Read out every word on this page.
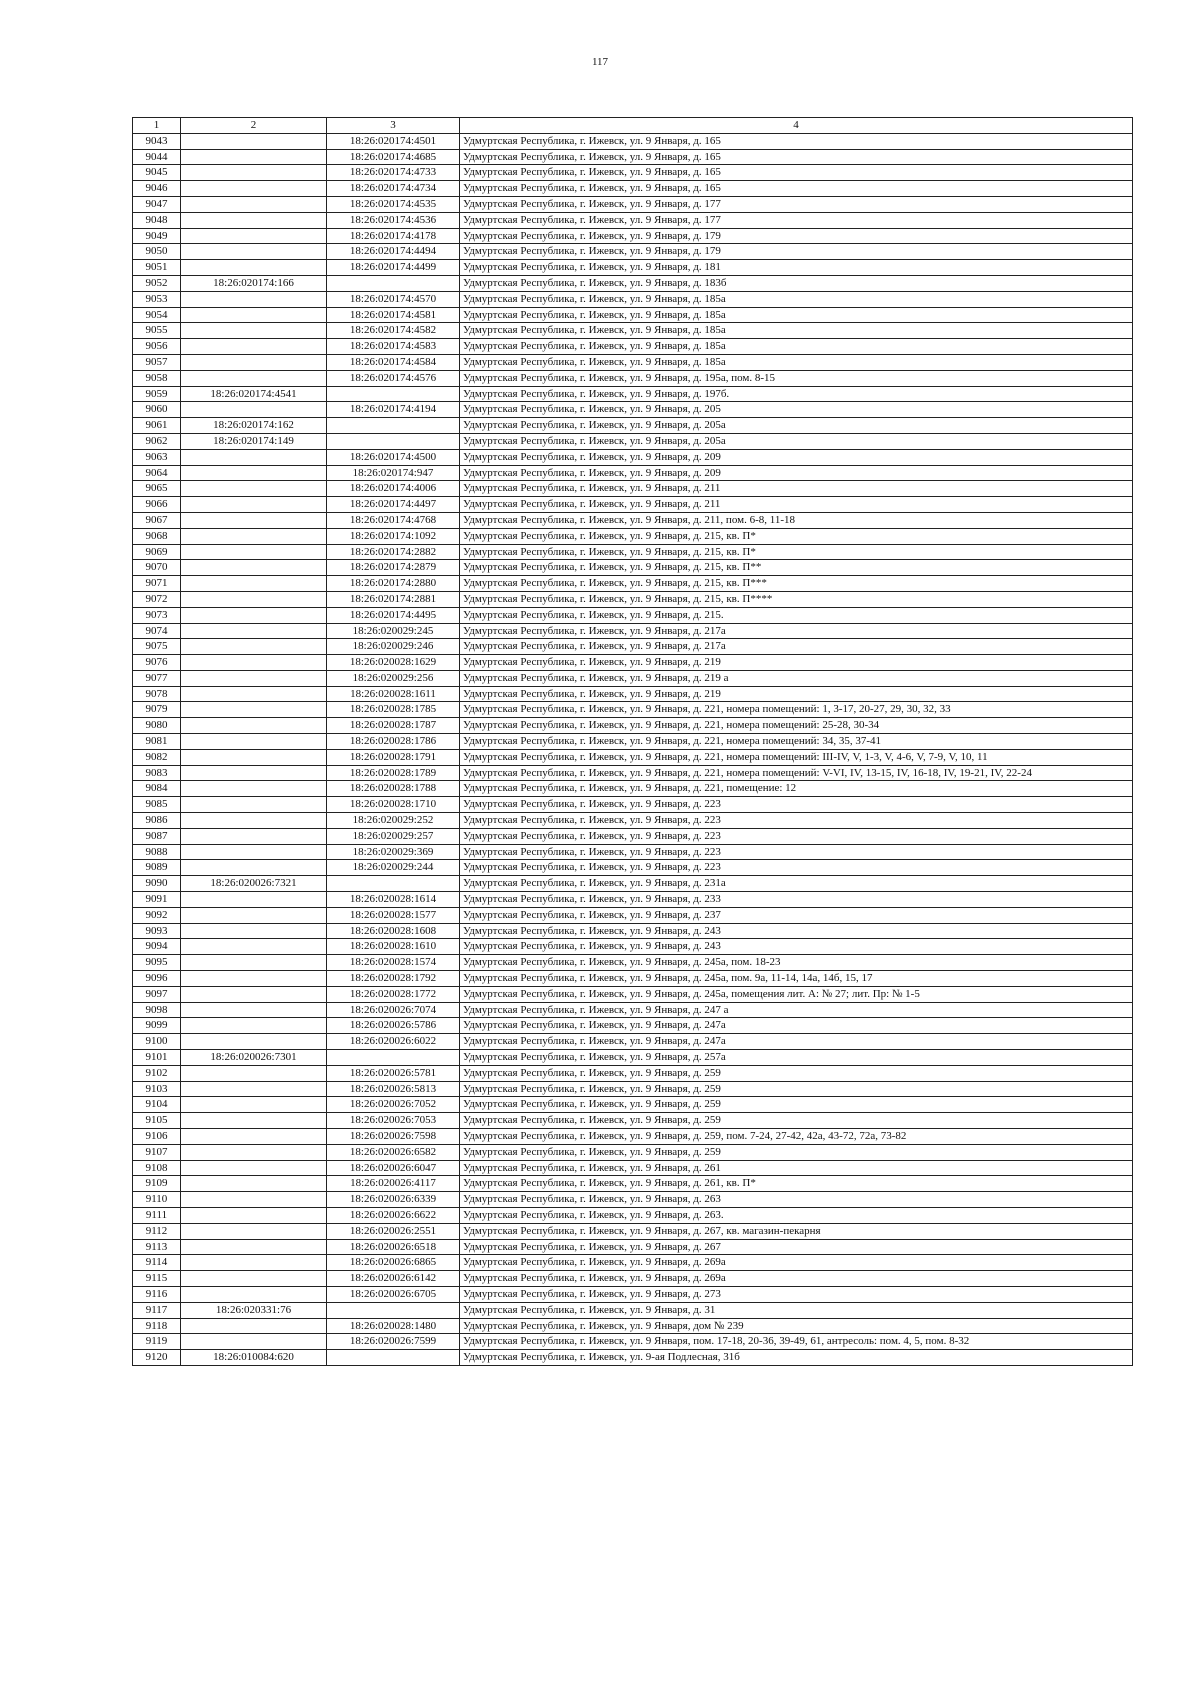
117
1	2	3	4
9043		18:26:020174:4501	Удмуртская Республика, г. Ижевск, ул. 9 Января, д. 165
9044		18:26:020174:4685	Удмуртская Республика, г. Ижевск, ул. 9 Января, д. 165
9045		18:26:020174:4733	Удмуртская Республика, г. Ижевск, ул. 9 Января, д. 165
9046		18:26:020174:4734	Удмуртская Республика, г. Ижевск, ул. 9 Января, д. 165
9047		18:26:020174:4535	Удмуртская Республика, г. Ижевск, ул. 9 Января, д. 177
9048		18:26:020174:4536	Удмуртская Республика, г. Ижевск, ул. 9 Января, д. 177
9049		18:26:020174:4178	Удмуртская Республика, г. Ижевск, ул. 9 Января, д. 179
9050		18:26:020174:4494	Удмуртская Республика, г. Ижевск, ул. 9 Января, д. 179
9051		18:26:020174:4499	Удмуртская Республика, г. Ижевск, ул. 9 Января, д. 181
9052	18:26:020174:166		Удмуртская Республика, г. Ижевск, ул. 9 Января, д. 183б
9053		18:26:020174:4570	Удмуртская Республика, г. Ижевск, ул. 9 Января, д. 185а
9054		18:26:020174:4581	Удмуртская Республика, г. Ижевск, ул. 9 Января, д. 185а
9055		18:26:020174:4582	Удмуртская Республика, г. Ижевск, ул. 9 Января, д. 185а
9056		18:26:020174:4583	Удмуртская Республика, г. Ижевск, ул. 9 Января, д. 185а
9057		18:26:020174:4584	Удмуртская Республика, г. Ижевск, ул. 9 Января, д. 185а
9058		18:26:020174:4576	Удмуртская Республика, г. Ижевск, ул. 9 Января, д. 195а, пом. 8-15
9059	18:26:020174:4541		Удмуртская Республика, г. Ижевск, ул. 9 Января, д. 197б.
9060		18:26:020174:4194	Удмуртская Республика, г. Ижевск, ул. 9 Января, д. 205
9061	18:26:020174:162		Удмуртская Республика, г. Ижевск, ул. 9 Января, д. 205а
9062	18:26:020174:149		Удмуртская Республика, г. Ижевск, ул. 9 Января, д. 205а
9063		18:26:020174:4500	Удмуртская Республика, г. Ижевск, ул. 9 Января, д. 209
9064		18:26:020174:947	Удмуртская Республика, г. Ижевск, ул. 9 Января, д. 209
9065		18:26:020174:4006	Удмуртская Республика, г. Ижевск, ул. 9 Января, д. 211
9066		18:26:020174:4497	Удмуртская Республика, г. Ижевск, ул. 9 Января, д. 211
9067		18:26:020174:4768	Удмуртская Республика, г. Ижевск, ул. 9 Января, д. 211, пом. 6-8, 11-18
9068		18:26:020174:1092	Удмуртская Республика, г. Ижевск, ул. 9 Января, д. 215, кв. П*
9069		18:26:020174:2882	Удмуртская Республика, г. Ижевск, ул. 9 Января, д. 215, кв. П*
9070		18:26:020174:2879	Удмуртская Республика, г. Ижевск, ул. 9 Января, д. 215, кв. П**
9071		18:26:020174:2880	Удмуртская Республика, г. Ижевск, ул. 9 Января, д. 215, кв. П***
9072		18:26:020174:2881	Удмуртская Республика, г. Ижевск, ул. 9 Января, д. 215, кв. П****
9073		18:26:020174:4495	Удмуртская Республика, г. Ижевск, ул. 9 Января, д. 215.
9074		18:26:020029:245	Удмуртская Республика, г. Ижевск, ул. 9 Января, д. 217а
9075		18:26:020029:246	Удмуртская Республика, г. Ижевск, ул. 9 Января, д. 217а
9076		18:26:020028:1629	Удмуртская Республика, г. Ижевск, ул. 9 Января, д. 219
9077		18:26:020029:256	Удмуртская Республика, г. Ижевск, ул. 9 Января, д. 219 а
9078		18:26:020028:1611	Удмуртская Республика, г. Ижевск, ул. 9 Января, д. 219
9079		18:26:020028:1785	Удмуртская Республика, г. Ижевск, ул. 9 Января, д. 221, номера помещений: 1, 3-17, 20-27, 29, 30, 32, 33
9080		18:26:020028:1787	Удмуртская Республика, г. Ижевск, ул. 9 Января, д. 221, номера помещений: 25-28, 30-34
9081		18:26:020028:1786	Удмуртская Республика, г. Ижевск, ул. 9 Января, д. 221, номера помещений: 34, 35, 37-41
9082		18:26:020028:1791	Удмуртская Республика, г. Ижевск, ул. 9 Января, д. 221, номера помещений: III-IV, V, 1-3, V, 4-6, V, 7-9, V, 10, 11
9083		18:26:020028:1789	Удмуртская Республика, г. Ижевск, ул. 9 Января, д. 221, номера помещений: V-VI, IV, 13-15, IV, 16-18, IV, 19-21, IV, 22-24
9084		18:26:020028:1788	Удмуртская Республика, г. Ижевск, ул. 9 Января, д. 221, помещение: 12
9085		18:26:020028:1710	Удмуртская Республика, г. Ижевск, ул. 9 Января, д. 223
9086		18:26:020029:252	Удмуртская Республика, г. Ижевск, ул. 9 Января, д. 223
9087		18:26:020029:257	Удмуртская Республика, г. Ижевск, ул. 9 Января, д. 223
9088		18:26:020029:369	Удмуртская Республика, г. Ижевск, ул. 9 Января, д. 223
9089		18:26:020029:244	Удмуртская Республика, г. Ижевск, ул. 9 Января, д. 223
9090	18:26:020026:7321		Удмуртская Республика, г. Ижевск, ул. 9 Января, д. 231а
9091		18:26:020028:1614	Удмуртская Республика, г. Ижевск, ул. 9 Января, д. 233
9092		18:26:020028:1577	Удмуртская Республика, г. Ижевск, ул. 9 Января, д. 237
9093		18:26:020028:1608	Удмуртская Республика, г. Ижевск, ул. 9 Января, д. 243
9094		18:26:020028:1610	Удмуртская Республика, г. Ижевск, ул. 9 Января, д. 243
9095		18:26:020028:1574	Удмуртская Республика, г. Ижевск, ул. 9 Января, д. 245а, пом. 18-23
9096		18:26:020028:1792	Удмуртская Республика, г. Ижевск, ул. 9 Января, д. 245а, пом. 9а, 11-14, 14а, 14б, 15, 17
9097		18:26:020028:1772	Удмуртская Республика, г. Ижевск, ул. 9 Января, д. 245а, помещения лит. А: № 27; лит. Пр: № 1-5
9098		18:26:020026:7074	Удмуртская Республика, г. Ижевск, ул. 9 Января, д. 247 а
9099		18:26:020026:5786	Удмуртская Республика, г. Ижевск, ул. 9 Января, д. 247а
9100		18:26:020026:6022	Удмуртская Республика, г. Ижевск, ул. 9 Января, д. 247а
9101	18:26:020026:7301		Удмуртская Республика, г. Ижевск, ул. 9 Января, д. 257а
9102		18:26:020026:5781	Удмуртская Республика, г. Ижевск, ул. 9 Января, д. 259
9103		18:26:020026:5813	Удмуртская Республика, г. Ижевск, ул. 9 Января, д. 259
9104		18:26:020026:7052	Удмуртская Республика, г. Ижевск, ул. 9 Января, д. 259
9105		18:26:020026:7053	Удмуртская Республика, г. Ижевск, ул. 9 Января, д. 259
9106		18:26:020026:7598	Удмуртская Республика, г. Ижевск, ул. 9 Января, д. 259, пом. 7-24, 27-42, 42а, 43-72, 72а, 73-82
9107		18:26:020026:6582	Удмуртская Республика, г. Ижевск, ул. 9 Января, д. 259
9108		18:26:020026:6047	Удмуртская Республика, г. Ижевск, ул. 9 Января, д. 261
9109		18:26:020026:4117	Удмуртская Республика, г. Ижевск, ул. 9 Января, д. 261, кв. П*
9110		18:26:020026:6339	Удмуртская Республика, г. Ижевск, ул. 9 Января, д. 263
9111		18:26:020026:6622	Удмуртская Республика, г. Ижевск, ул. 9 Января, д. 263.
9112		18:26:020026:2551	Удмуртская Республика, г. Ижевск, ул. 9 Января, д. 267, кв. магазин-пекарня
9113		18:26:020026:6518	Удмуртская Республика, г. Ижевск, ул. 9 Января, д. 267
9114		18:26:020026:6865	Удмуртская Республика, г. Ижевск, ул. 9 Января, д. 269а
9115		18:26:020026:6142	Удмуртская Республика, г. Ижевск, ул. 9 Января, д. 269а
9116		18:26:020026:6705	Удмуртская Республика, г. Ижевск, ул. 9 Января, д. 273
9117	18:26:020331:76		Удмуртская Республика, г. Ижевск, ул. 9 Января, д. 31
9118		18:26:020028:1480	Удмуртская Республика, г. Ижевск, ул. 9 Января, дом № 239
9119		18:26:020026:7599	Удмуртская Республика, г. Ижевск, ул. 9 Января, пом. 17-18, 20-36, 39-49, 61, антресоль: пом. 4, 5, пом. 8-32
9120	18:26:010084:620		Удмуртская Республика, г. Ижевск, ул. 9-ая Подлесная, 31б
